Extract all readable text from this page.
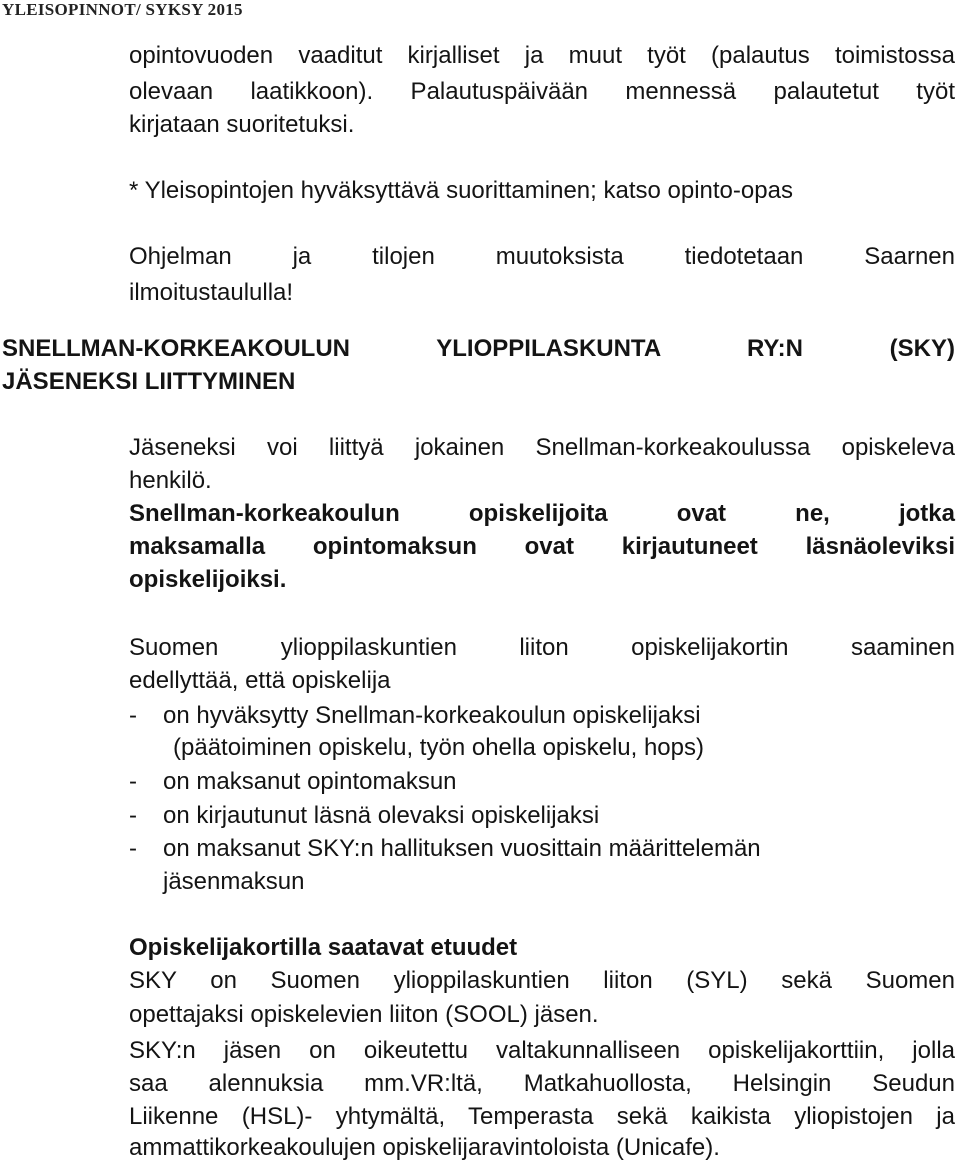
YLEISOPINNOT/ SYKSY 2015

opintovuoden vaaditut kirjalliset ja muut työt (palautus toimistossa

olevaan laatikkoon). Palautuspäivään mennessä palautetut työt

kirjataan suoritetuksi.

* Yleisopintojen hyväksyttävä suorittaminen; katso opinto-opas

Ohjelman ja tilojen muutoksista tiedotetaan Saarnen

ilmoitustaululla!

SNELLMAN-KORKEAKOULUN YLIOPPILASKUNTA RY:N (SKY)

JÄSENEKSI LIITTYMINEN

Jäseneksi voi liittyä jokainen Snellman-korkeakoulussa opiskeleva

henkilö.

Snellman-korkeakoulun opiskelijoita ovat ne, jotka

maksamalla opintomaksun ovat kirjautuneet läsnäoleviksi

opiskelijoiksi.

Suomen ylioppilaskuntien liiton opiskelijakortin saaminen

edellyttää, että opiskelija

- on hyväksytty Snellman-korkeakoulun opiskelijaksi

(päätoiminen opiskelu, työn ohella opiskelu, hops)

- on maksanut opintomaksun

- on kirjautunut läsnä olevaksi opiskelijaksi

- on maksanut SKY:n hallituksen vuosittain määrittelemän

jäsenmaksun

Opiskelijakortilla saatavat etuudet

SKY on Suomen ylioppilaskuntien liiton (SYL) sekä Suomen

opettajaksi opiskelevien liiton (SOOL) jäsen.

SKY:n jäsen on oikeutettu valtakunnalliseen opiskelijakorttiin, jolla

saa alennuksia mm.VR:ltä, Matkahuollosta, Helsingin Seudun

Liikenne (HSL)- yhtymältä, Temperasta sekä kaikista yliopistojen ja

ammattikorkeakoulujen opiskelijaravintoloista (Unicafe).
